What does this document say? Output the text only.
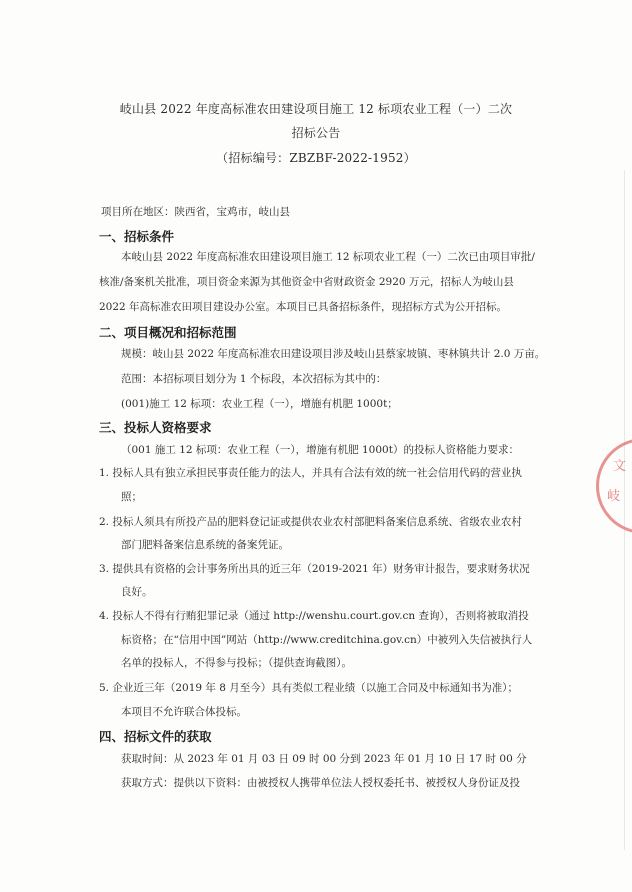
岐山县 2022 年度高标准农田建设项目施工 12 标项农业工程（一）二次
招标公告
（招标编号：ZBZBF-2022-1952）
项目所在地区：陕西省，宝鸡市，岐山县
一、招标条件
本岐山县 2022 年度高标准农田建设项目施工 12 标项农业工程（一）二次已由项目审批/
核准/备案机关批准，项目资金来源为其他资金中省财政资金 2920 万元，招标人为岐山县
2022 年高标准农田项目建设办公室。本项目已具备招标条件，现招标方式为公开招标。
二、项目概况和招标范围
规模：岐山县 2022 年度高标准农田建设项目涉及岐山县蔡家坡镇、枣林镇共计 2.0 万亩。
范围：本招标项目划分为 1 个标段，本次招标为其中的：
(001)施工 12 标项：农业工程（一），增施有机肥 1000t；
三、投标人资格要求
（001 施工 12 标项：农业工程（一），增施有机肥 1000t）的投标人资格能力要求：
1. 投标人具有独立承担民事责任能力的法人，并具有合法有效的统一社会信用代码的营业执
照；
2. 投标人须具有所投产品的肥料登记证或提供农业农村部肥料备案信息系统、省级农业农村
部门肥料备案信息系统的备案凭证。
3. 提供具有资格的会计事务所出具的近三年（2019-2021 年）财务审计报告，要求财务状况
良好。
4. 投标人不得有行贿犯罪记录（通过 http://wenshu.court.gov.cn 查询），否则将被取消投
标资格；在“信用中国”网站（http://www.creditchina.gov.cn）中被列入失信被执行人
名单的投标人，不得参与投标；（提供查询截图）。
5. 企业近三年（2019 年 8 月至今）具有类似工程业绩（以施工合同及中标通知书为准）；
本项目不允许联合体投标。
四、招标文件的获取
获取时间：从 2023 年 01 月 03 日 09 时 00 分到 2023 年 01 月 10 日 17 时 00 分
获取方式：提供以下资料：由被授权人携带单位法人授权委托书、被授权人身份证及投
文
岐
